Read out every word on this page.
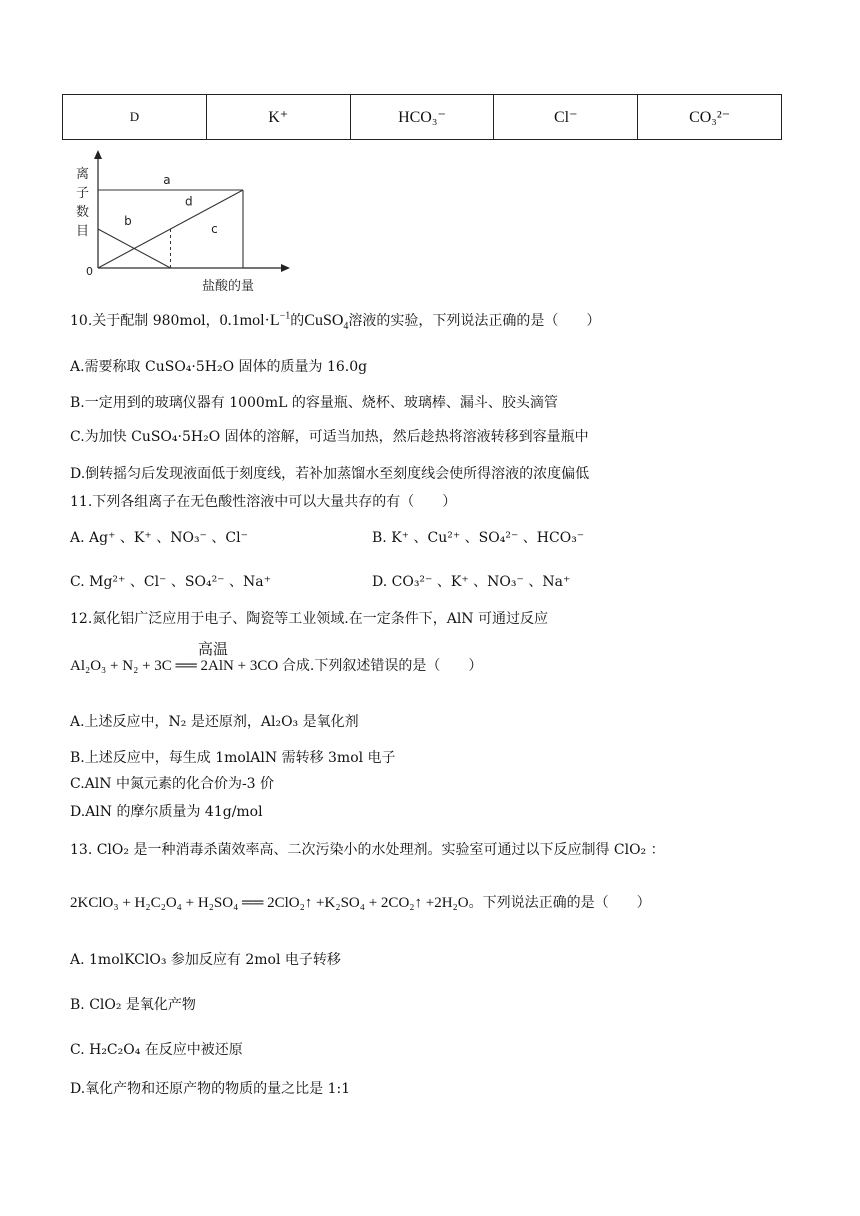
D	K⁺	HCO₃⁻	Cl⁻	CO₃²⁻
离
子
数
目
盐酸的量
0
a
b
c
d
10.关于配制 980mol，$0.1mol\cdot L^{-1}$的CuSO$_4$溶液的实验，下列说法正确的是（　　）
A.需要称取 CuSO₄·5H₂O 固体的质量为 16.0g
B.一定用到的玻璃仪器有 1000mL 的容量瓶、烧杯、玻璃棒、漏斗、胶头滴管
C.为加快 CuSO₄·5H₂O 固体的溶解，可适当加热，然后趁热将溶液转移到容量瓶中
D.倒转摇匀后发现液面低于刻度线，若补加蒸馏水至刻度线会使所得溶液的浓度偏低
11.下列各组离子在无色酸性溶液中可以大量共存的有（　　）
A. Ag⁺ 、K⁺ 、NO₃⁻ 、Cl⁻	B. K⁺ 、Cu²⁺ 、SO₄²⁻ 、HCO₃⁻
C. Mg²⁺ 、Cl⁻ 、SO₄²⁻ 、Na⁺	D. CO₃²⁻ 、K⁺ 、NO₃⁻ 、Na⁺
12.氮化铝广泛应用于电子、陶瓷等工业领域.在一定条件下，AlN 可通过反应
高温
Al₂O₃ + N₂ + 3C ══ 2AlN + 3CO 合成.下列叙述错误的是（　　）
A.上述反应中，N₂ 是还原剂，Al₂O₃ 是氧化剂
B.上述反应中，每生成 1molAlN 需转移 3mol 电子
C.AlN 中氮元素的化合价为-3 价
D.AlN 的摩尔质量为 41g/mol
13. ClO₂ 是一种消毒杀菌效率高、二次污染小的水处理剂。实验室可通过以下反应制得 ClO₂ ：
2KClO₃ + H₂C₂O₄ + H₂SO₄ ══ 2ClO₂↑ +K₂SO₄ + 2CO₂↑ +2H₂O。下列说法正确的是（　　）
A. 1molKClO₃ 参加反应有 2mol 电子转移
B. ClO₂ 是氧化产物
C. H₂C₂O₄ 在反应中被还原
D.氧化产物和还原产物的物质的量之比是 1:1
